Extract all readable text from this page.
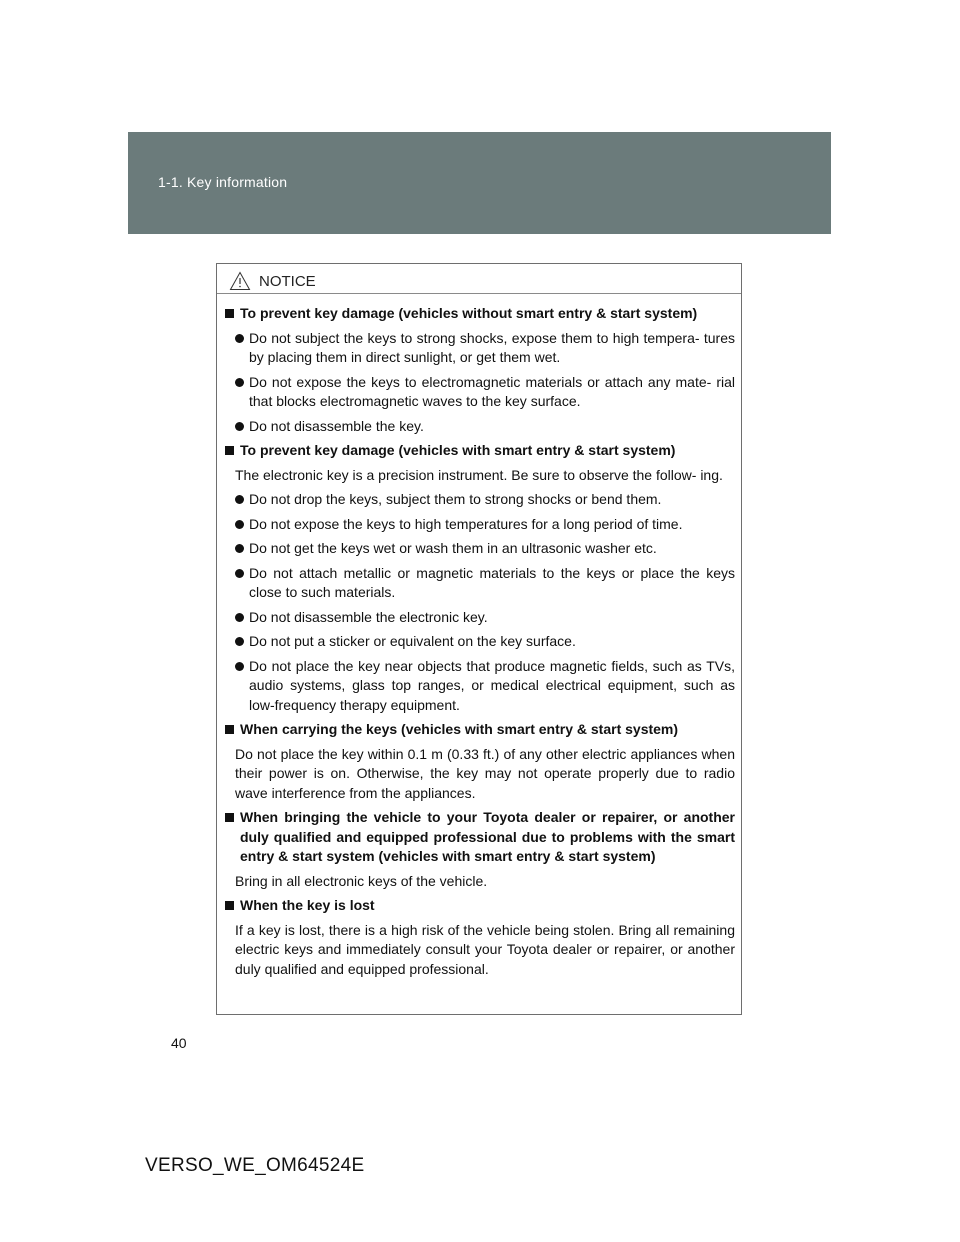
1-1. Key information
NOTICE
To prevent key damage (vehicles without smart entry & start system)
Do not subject the keys to strong shocks, expose them to high tempera- tures by placing them in direct sunlight, or get them wet.
Do not expose the keys to electromagnetic materials or attach any mate- rial that blocks electromagnetic waves to the key surface.
Do not disassemble the key.
To prevent key damage (vehicles with smart entry & start system)
The electronic key is a precision instrument. Be sure to observe the follow- ing.
Do not drop the keys, subject them to strong shocks or bend them.
Do not expose the keys to high temperatures for a long period of time.
Do not get the keys wet or wash them in an ultrasonic washer etc.
Do not attach metallic or magnetic materials to the keys or place the keys close to such materials.
Do not disassemble the electronic key.
Do not put a sticker or equivalent on the key surface.
Do not place the key near objects that produce magnetic fields, such as TVs, audio systems, glass top ranges, or medical electrical equipment, such as low-frequency therapy equipment.
When carrying the keys (vehicles with smart entry & start system)
Do not place the key within 0.1 m (0.33 ft.) of any other electric appliances when their power is on. Otherwise, the key may not operate properly due to radio wave interference from the appliances.
When bringing the vehicle to your Toyota dealer or repairer, or another duly qualified and equipped professional due to problems with the smart entry & start system (vehicles with smart entry & start system)
Bring in all electronic keys of the vehicle.
When the key is lost
If a key is lost, there is a high risk of the vehicle being stolen. Bring all remaining electric keys and immediately consult your Toyota dealer or repairer, or another duly qualified and equipped professional.
40
VERSO_WE_OM64524E
